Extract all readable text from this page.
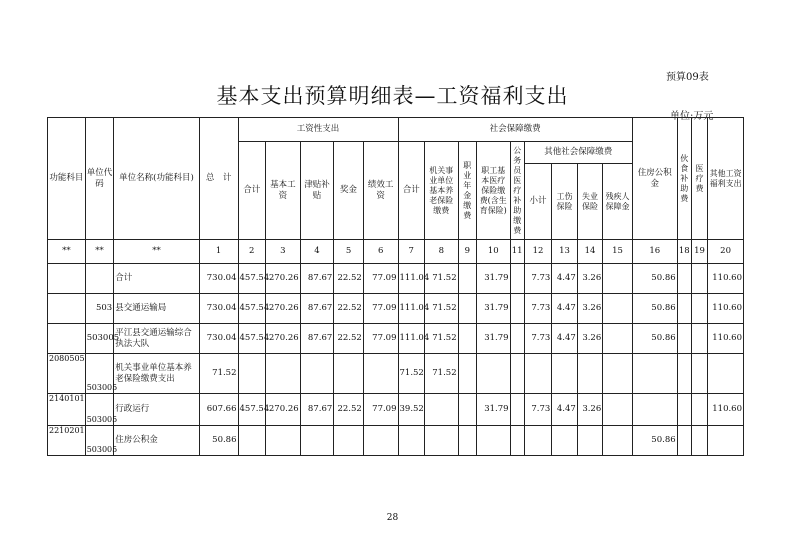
预算09表
基本支出预算明细表—工资福利支出
单位:万元
功能科目	单位代码	单位名称(功能科目)	总　计	工资性支出					社会保障缴费									住房公积金	伙食补助费	医疗费	其他工资福利支出
				合计	基本工资	津贴补贴	奖金	绩效工资	合计	机关事业单位基本养老保险缴费	职业年金缴费	职工基本医疗保险缴费(含生育保险)	公务员医疗补助缴费	其他社会保障缴费							
														小计	工伤保险	失业保险	残疾人保障金				
**	**	**	1	2	3	4	5	6	7	8	9	10	11	12	13	14	15	16	18	19	20
		合计	730.04	457.54	270.26	87.67	22.52	77.09	111.04	71.52		31.79		7.73	4.47	3.26		50.86			110.60
	503	县交通运输局	730.04	457.54	270.26	87.67	22.52	77.09	111.04	71.52		31.79		7.73	4.47	3.26		50.86			110.60
	503005	平江县交通运输综合执法大队	730.04	457.54	270.26	87.67	22.52	77.09	111.04	71.52		31.79		7.73	4.47	3.26		50.86			110.60
2080505	503005	机关事业单位基本养老保险缴费支出	71.52						71.52	71.52											
2140101	503005	行政运行	607.66	457.54	270.26	87.67	22.52	77.09	39.52			31.79		7.73	4.47	3.26					110.60
2210201	503005	住房公积金	50.86															50.86			
28
